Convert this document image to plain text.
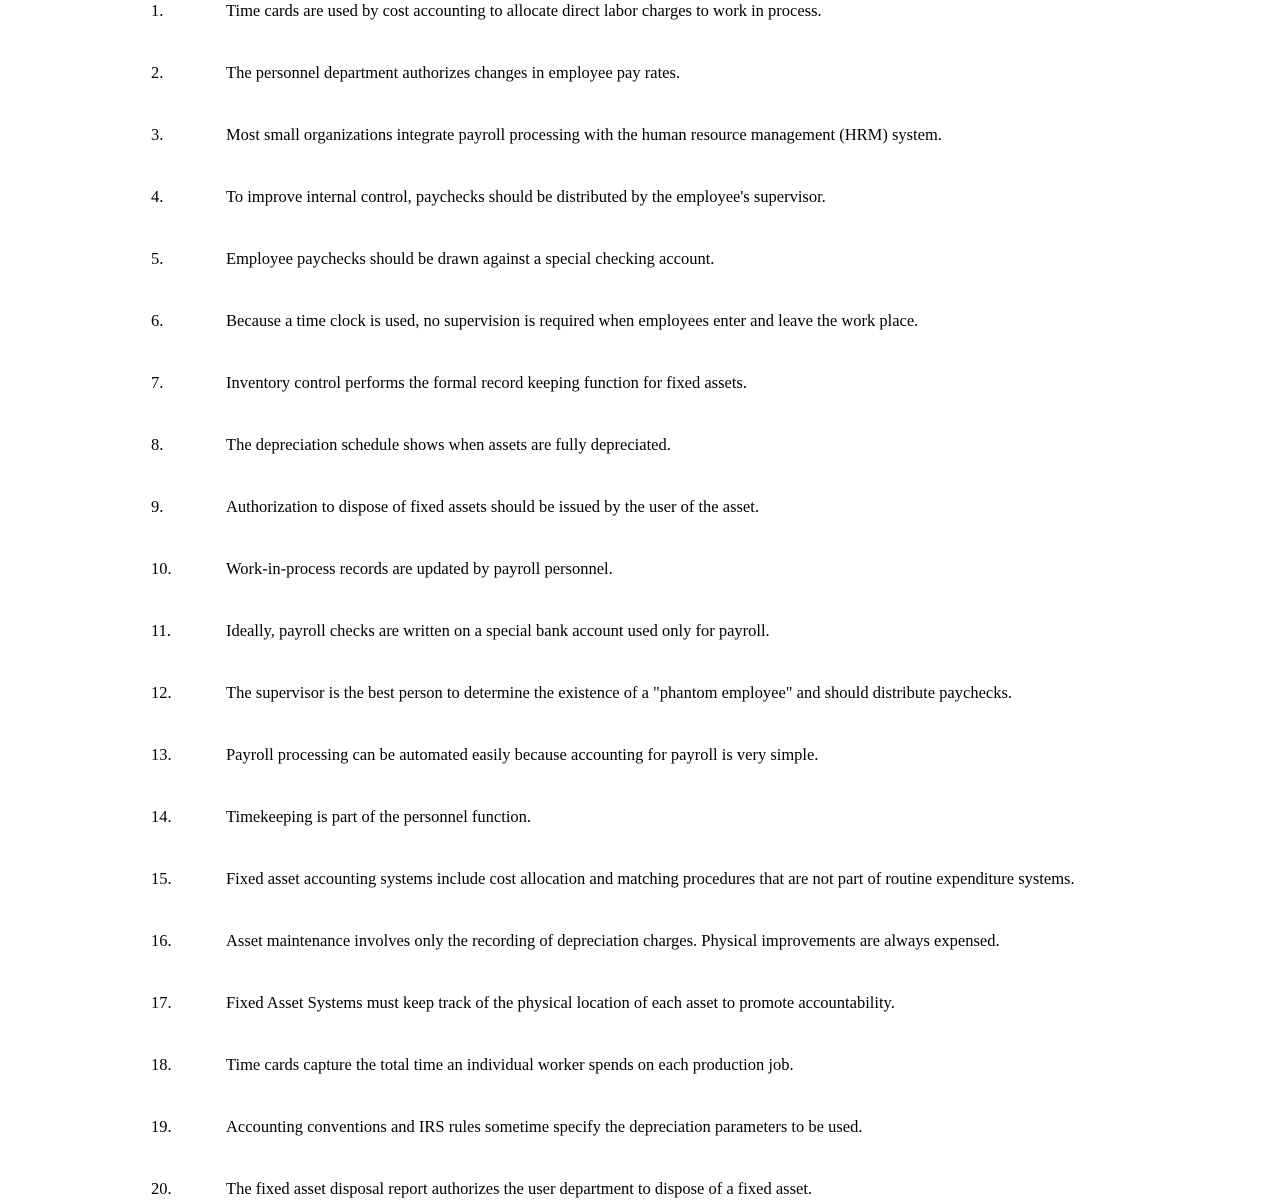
1.	Time cards are used by cost accounting to allocate direct labor charges to work in process.

2.	The personnel department authorizes changes in employee pay rates.

3.	Most small organizations integrate payroll processing with the human resource management (HRM) system.

4.	To improve internal control, paychecks should be distributed by the employee's supervisor.

5.	Employee paychecks should be drawn against a special checking account.

6.	Because a time clock is used, no supervision is required when employees enter and leave the work place.

7.	Inventory control performs the formal record keeping function for fixed assets.

8.	The depreciation schedule shows when assets are fully depreciated.

9.	Authorization to dispose of fixed assets should be issued by the user of the asset.

10.	Work-in-process records are updated by payroll personnel.

11.	Ideally, payroll checks are written on a special bank account used only for payroll.

12.	The supervisor is the best person to determine the existence of a "phantom employee" and should distribute paychecks.

13.	Payroll processing can be automated easily because accounting for payroll is very simple.

14.	Timekeeping is part of the personnel function.

15.	Fixed asset accounting systems include cost allocation and matching procedures that are not part of routine expenditure systems.

16.	Asset maintenance involves only the recording of depreciation charges. Physical improvements are always expensed.

17.	Fixed Asset Systems must keep track of the physical location of each asset to promote accountability.

18.	Time cards capture the total time an individual worker spends on each production job.

19.	Accounting conventions and IRS rules sometime specify the depreciation parameters to be used.

20.	The fixed asset disposal report authorizes the user department to dispose of a fixed asset.
